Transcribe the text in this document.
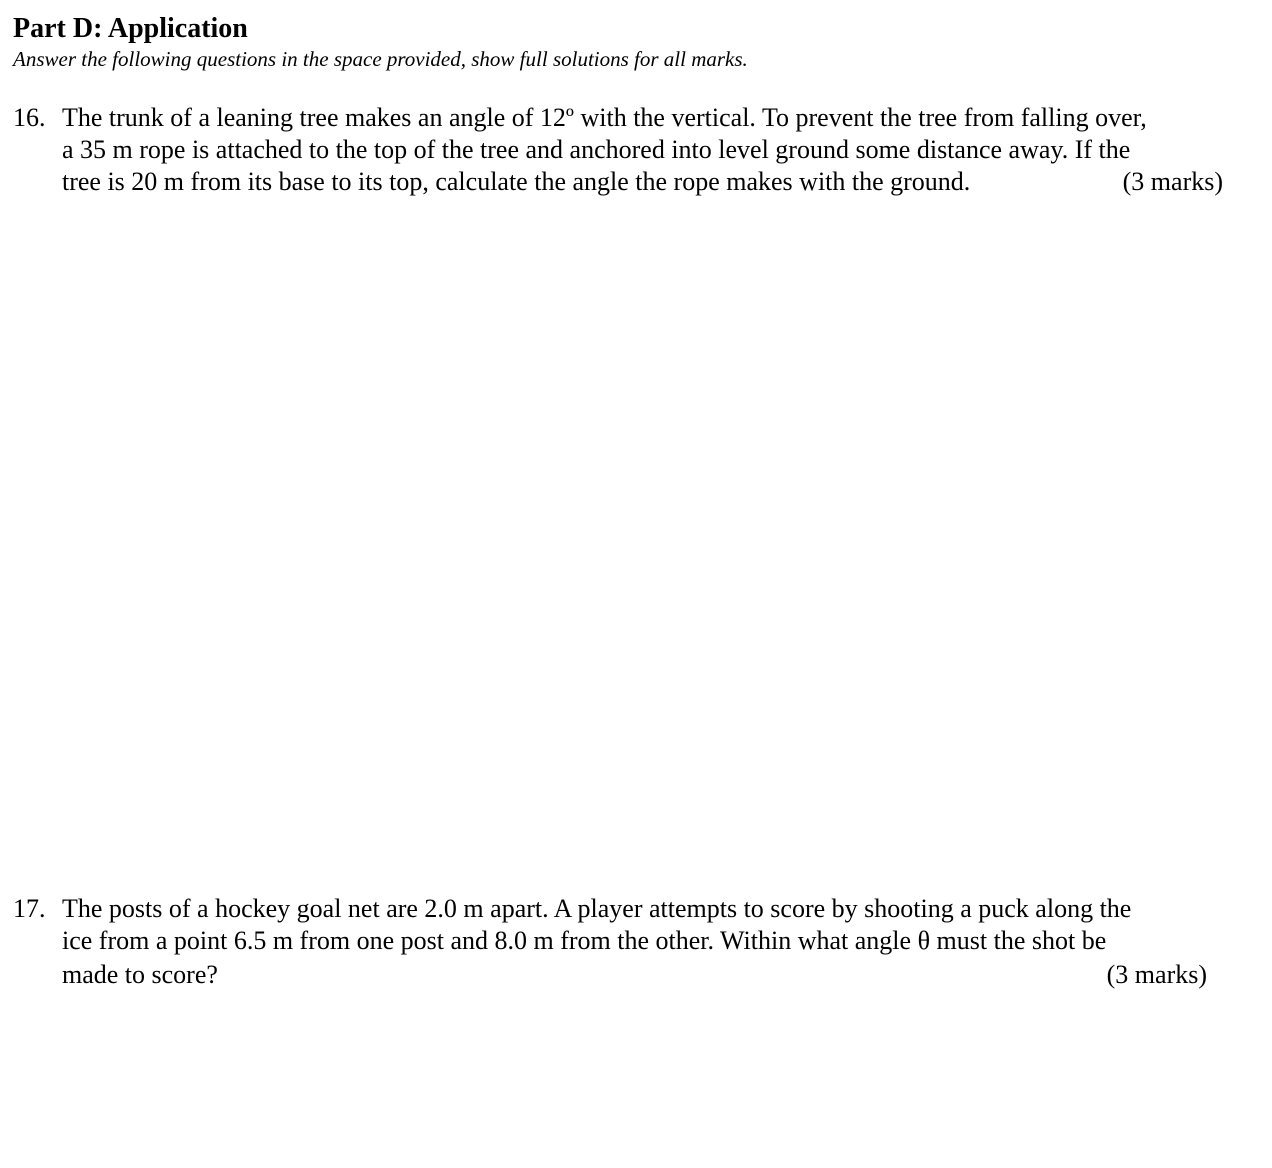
Part D: Application
Answer the following questions in the space provided, show full solutions for all marks.
16. The trunk of a leaning tree makes an angle of 12º with the vertical. To prevent the tree from falling over,
a 35 m rope is attached to the top of the tree and anchored into level ground some distance away. If the
tree is 20 m from its base to its top, calculate the angle the rope makes with the ground.	(3 marks)
17. The posts of a hockey goal net are 2.0 m apart. A player attempts to score by shooting a puck along the
ice from a point 6.5 m from one post and 8.0 m from the other. Within what angle θ must the shot be
made to score?	(3 marks)
